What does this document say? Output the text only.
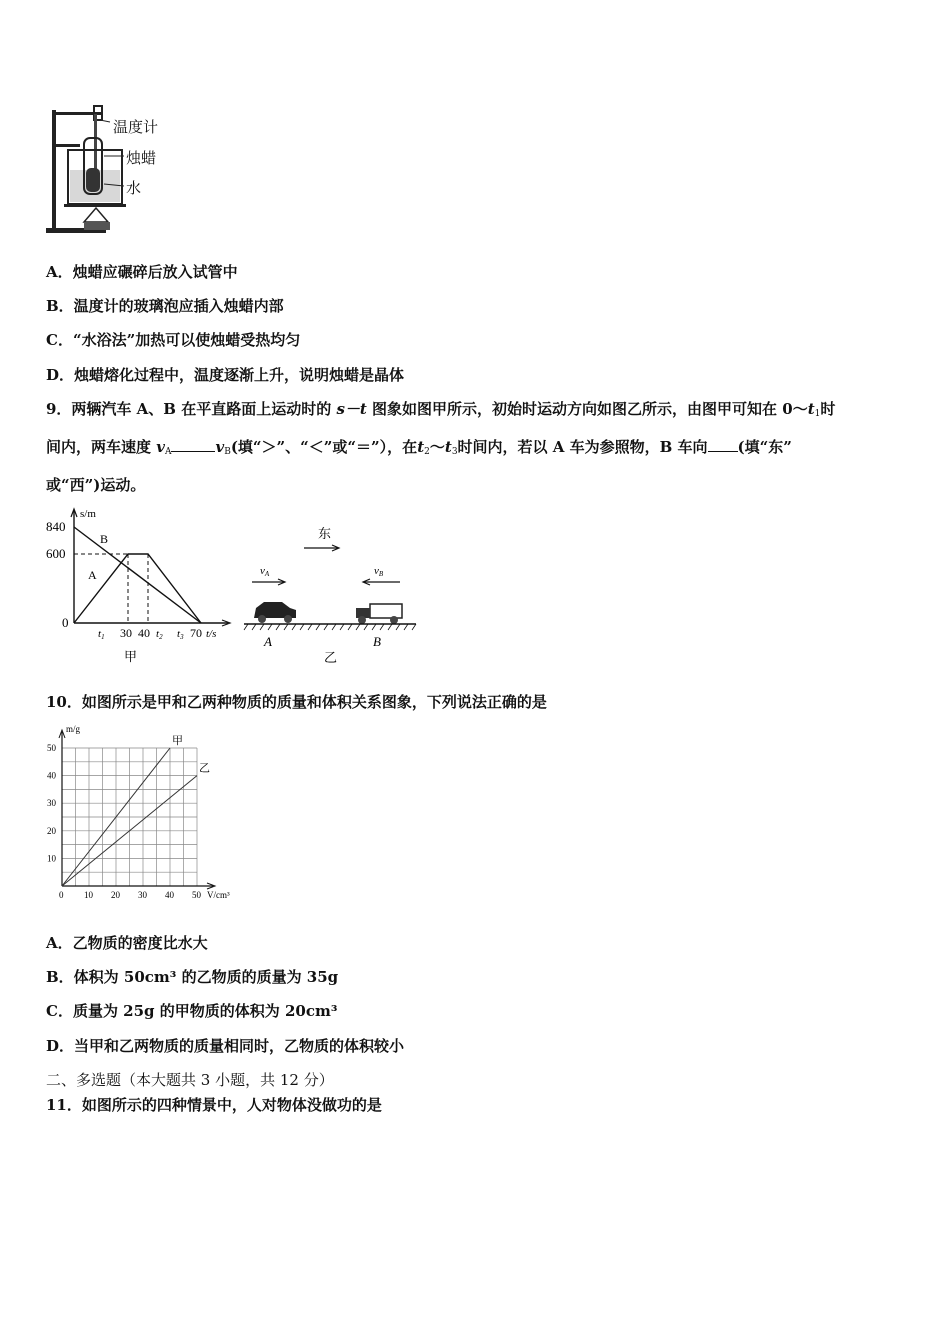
温度计
烛蜡
水
A．烛蜡应碾碎后放入试管中
B．温度计的玻璃泡应插入烛蜡内部
C．“水浴法”加热可以使烛蜡受热均匀
D．烛蜡熔化过程中，温度逐渐上升，说明烛蜡是晶体
9．两辆汽车 A、B 在平直路面上运动时的 s－t 图象如图甲所示，初始时运动方向如图乙所示，由图甲可知在 $0\sim t_1$时
间内，两车速度 $v_A$	$v_B$(填“＞”、“＜”或“＝”），在$t_2\sim t_3$时间内，若以 A 车为参照物，B 车向 (填“东”
或“西”)运动。
s/m
840
600
0
B
A
t1 30 40 t2 t3 70 t/s
甲
东
vA	vB
A	B
乙
10．如图所示是甲和乙两种物质的质量和体积关系图象，下列说法正确的是
甲
乙
0 10 20 30 40 50
10
20
30
40
50
V/cm³
m/g
A．乙物质的密度比水大
B．体积为 50cm³ 的乙物质的质量为 35g
C．质量为 25g 的甲物质的体积为 20cm³
D．当甲和乙两物质的质量相同时，乙物质的体积较小
二、多选题（本大题共 3 小题，共 12 分）
11．如图所示的四种情景中，人对物体没做功的是
